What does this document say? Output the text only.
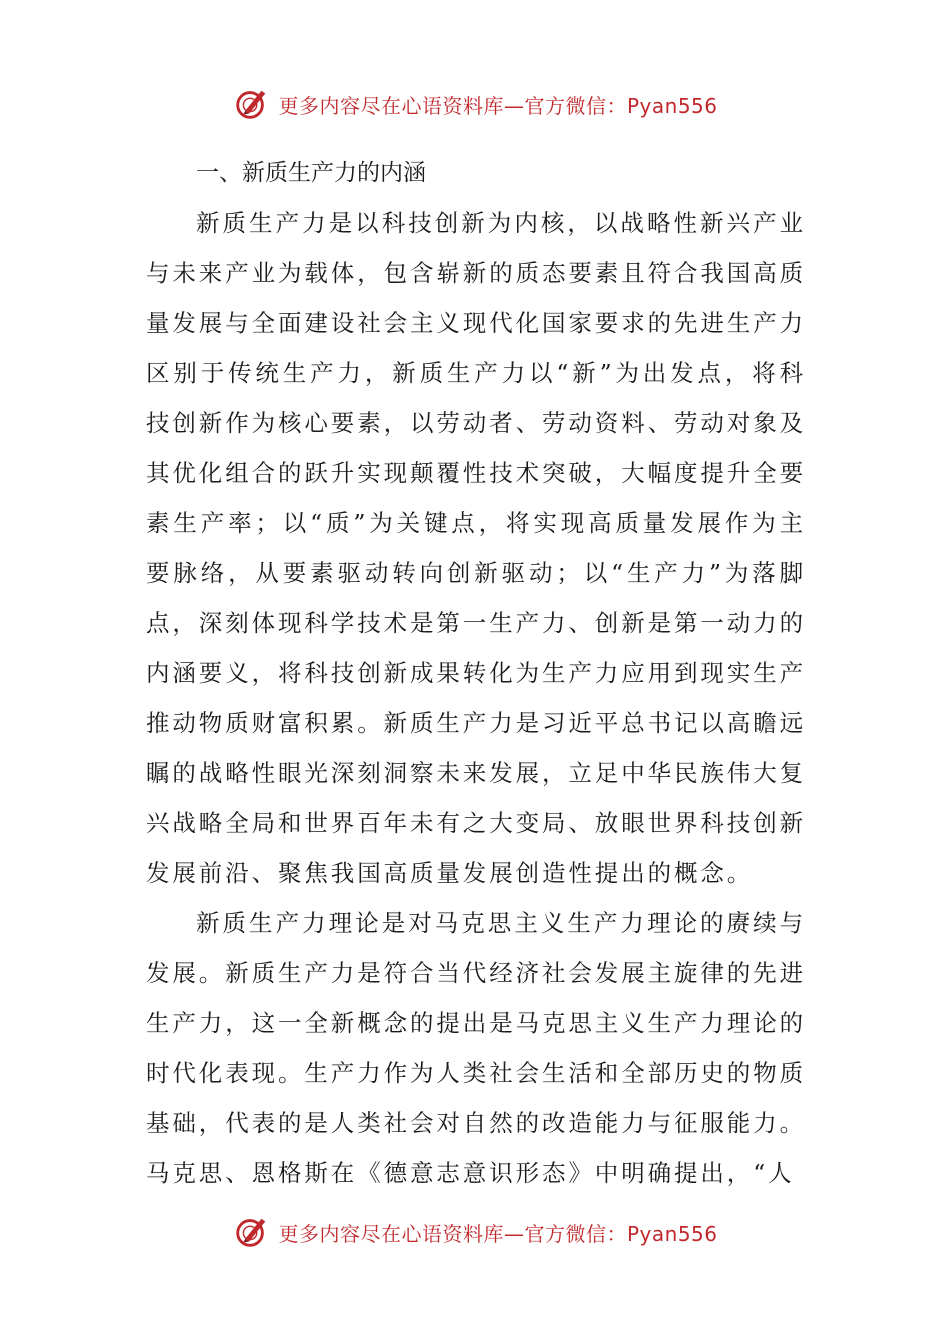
更多内容尽在心语资料库—官方微信：Pyan556
一、新质生产力的内涵

新质生产力是以科技创新为内核，以战略性新兴产业与未来产业为载体，包含崭新的质态要素且符合我国高质量发展与全面建设社会主义现代化国家要求的先进生产力区别于传统生产力，新质生产力以“新”为出发点，将科技创新作为核心要素，以劳动者、劳动资料、劳动对象及其优化组合的跃升实现颠覆性技术突破，大幅度提升全要素生产率；以“质”为关键点，将实现高质量发展作为主要脉络，从要素驱动转向创新驱动；以“生产力”为落脚点，深刻体现科学技术是第一生产力、创新是第一动力的内涵要义，将科技创新成果转化为生产力应用到现实生产推动物质财富积累。新质生产力是习近平总书记以高瞻远瞩的战略性眼光深刻洞察未来发展，立足中华民族伟大复兴战略全局和世界百年未有之大变局、放眼世界科技创新发展前沿、聚焦我国高质量发展创造性提出的概念。

新质生产力理论是对马克思主义生产力理论的赓续与发展。新质生产力是符合当代经济社会发展主旋律的先进生产力，这一全新概念的提出是马克思主义生产力理论的时代化表现。生产力作为人类社会生活和全部历史的物质基础，代表的是人类社会对自然的改造能力与征服能力。马克思、恩格斯在《德意志意识形态》中明确提出，“人

更多内容尽在心语资料库—官方微信：Pyan556
